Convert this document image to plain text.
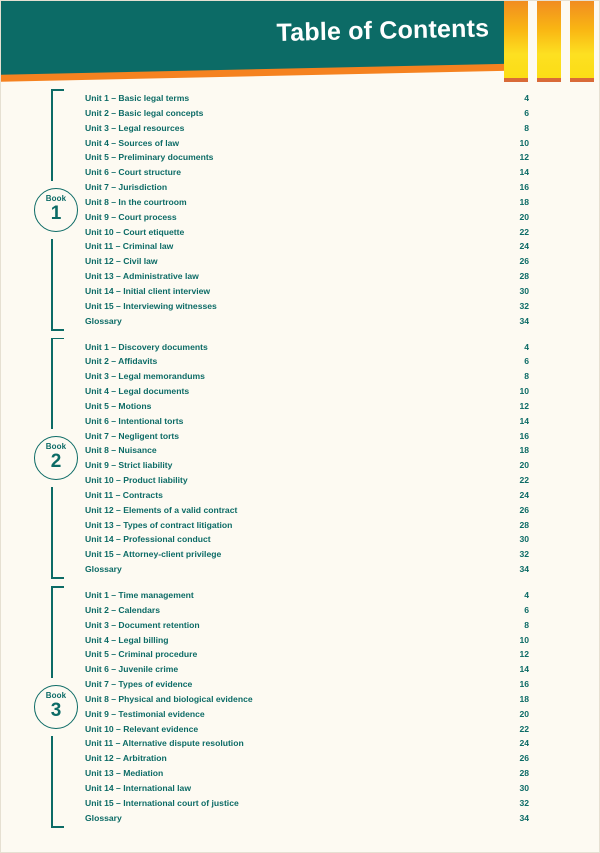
Table of Contents
Book
1
Unit 1 – Basic legal terms	4
Unit 2 – Basic legal concepts	6
Unit 3 – Legal resources	8
Unit 4 – Sources of law	10
Unit 5 – Preliminary documents	12
Unit 6 – Court structure	14
Unit 7 – Jurisdiction	16
Unit 8 – In the courtroom	18
Unit 9 – Court process	20
Unit 10 – Court etiquette	22
Unit 11 – Criminal law	24
Unit 12 – Civil law	26
Unit 13 – Administrative law	28
Unit 14 – Initial client interview	30
Unit 15 – Interviewing witnesses	32
Glossary	34
Book
2
Unit 1 – Discovery documents	4
Unit 2 – Affidavits	6
Unit 3 – Legal memorandums	8
Unit 4 – Legal documents	10
Unit 5 – Motions	12
Unit 6 – Intentional torts	14
Unit 7 – Negligent torts	16
Unit 8 – Nuisance	18
Unit 9 – Strict liability	20
Unit 10 – Product liability	22
Unit 11 – Contracts	24
Unit 12 – Elements of a valid contract	26
Unit 13 – Types of contract litigation	28
Unit 14 – Professional conduct	30
Unit 15 – Attorney-client privilege	32
Glossary	34
Book
3
Unit 1 – Time management	4
Unit 2 – Calendars	6
Unit 3 – Document retention	8
Unit 4 – Legal billing	10
Unit 5 – Criminal procedure	12
Unit 6 – Juvenile crime	14
Unit 7 – Types of evidence	16
Unit 8 – Physical and biological evidence	18
Unit 9 – Testimonial evidence	20
Unit 10 – Relevant evidence	22
Unit 11 – Alternative dispute resolution	24
Unit 12 – Arbitration	26
Unit 13 – Mediation	28
Unit 14 – International law	30
Unit 15 – International court of justice	32
Glossary	34
